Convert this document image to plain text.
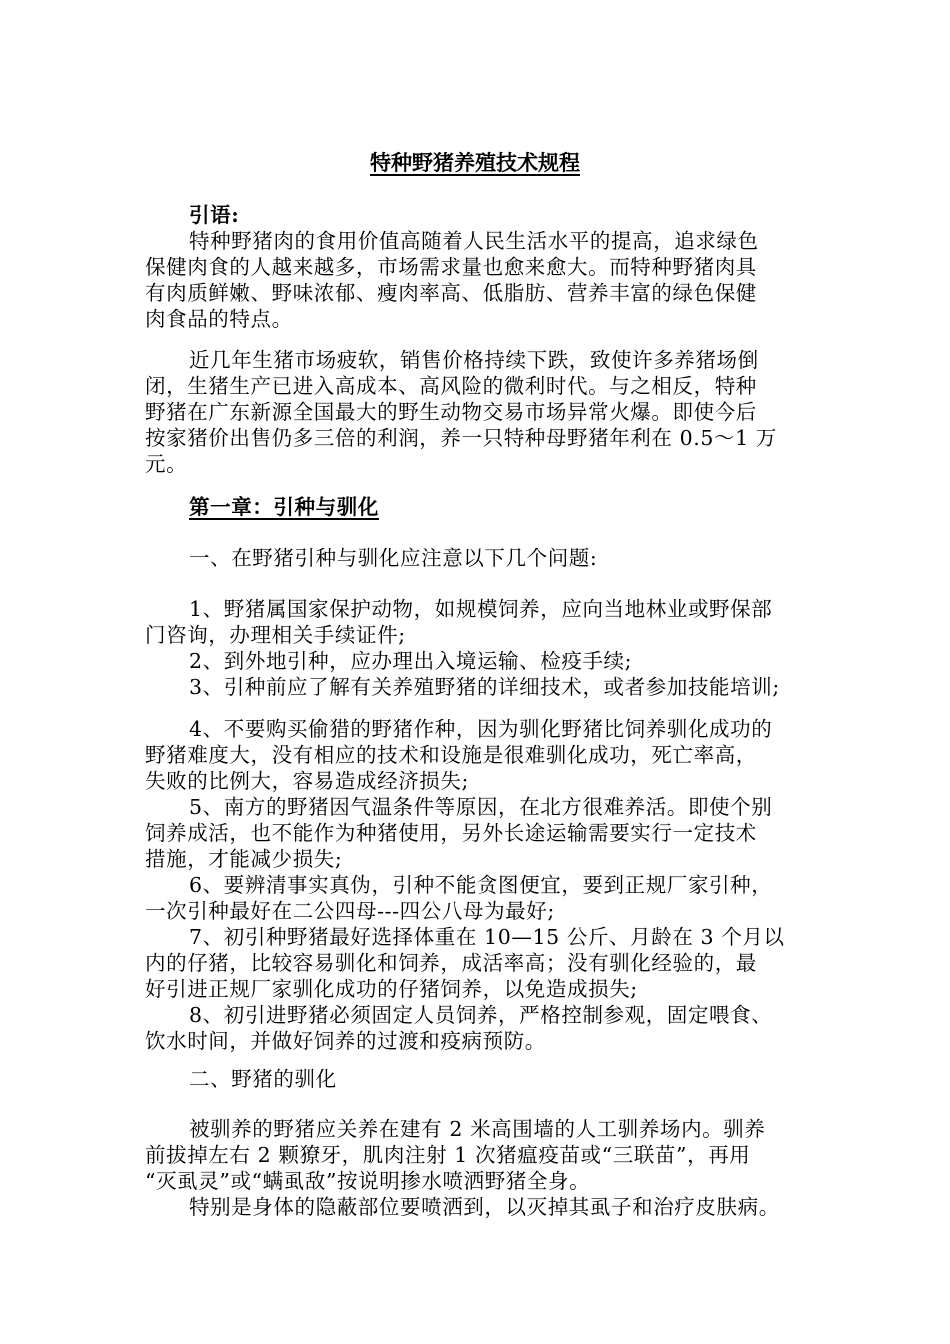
特种野猪养殖技术规程
引语:
特种野猪肉的食用价值高随着人民生活水平的提高，追求绿色
保健肉食的人越来越多，市场需求量也愈来愈大。而特种野猪肉具
有肉质鲜嫩、野味浓郁、瘦肉率高、低脂肪、营养丰富的绿色保健
肉食品的特点。
近几年生猪市场疲软，销售价格持续下跌，致使许多养猪场倒
闭，生猪生产已进入高成本、高风险的微利时代。与之相反，特种
野猪在广东新源全国最大的野生动物交易市场异常火爆。即使今后
按家猪价出售仍多三倍的利润，养一只特种母野猪年利在 0.5～1 万
元。
第一章：引种与驯化
一、在野猪引种与驯化应注意以下几个问题:
1、野猪属国家保护动物，如规模饲养，应向当地林业或野保部
门咨询，办理相关手续证件;
2、到外地引种，应办理出入境运输、检疫手续;
3、引种前应了解有关养殖野猪的详细技术，或者参加技能培训;
4、不要购买偷猎的野猪作种，因为驯化野猪比饲养驯化成功的
野猪难度大，没有相应的技术和设施是很难驯化成功，死亡率高，
失败的比例大，容易造成经济损失;
5、南方的野猪因气温条件等原因，在北方很难养活。即使个别
饲养成活，也不能作为种猪使用，另外长途运输需要实行一定技术
措施，才能减少损失;
6、要辨清事实真伪，引种不能贪图便宜，要到正规厂家引种，
一次引种最好在二公四母---四公八母为最好;
7、初引种野猪最好选择体重在 10—15 公斤、月龄在 3 个月以
内的仔猪，比较容易驯化和饲养，成活率高；没有驯化经验的，最
好引进正规厂家驯化成功的仔猪饲养，以免造成损失;
8、初引进野猪必须固定人员饲养，严格控制参观，固定喂食、
饮水时间，并做好饲养的过渡和疫病预防。
二、野猪的驯化
被驯养的野猪应关养在建有 2 米高围墙的人工驯养场内。驯养
前拔掉左右 2 颗獠牙，肌肉注射 1 次猪瘟疫苗或“三联苗”，再用
“灭虱灵”或“螨虱敌”按说明掺水喷洒野猪全身。
特别是身体的隐蔽部位要喷洒到，以灭掉其虱子和治疗皮肤病。
